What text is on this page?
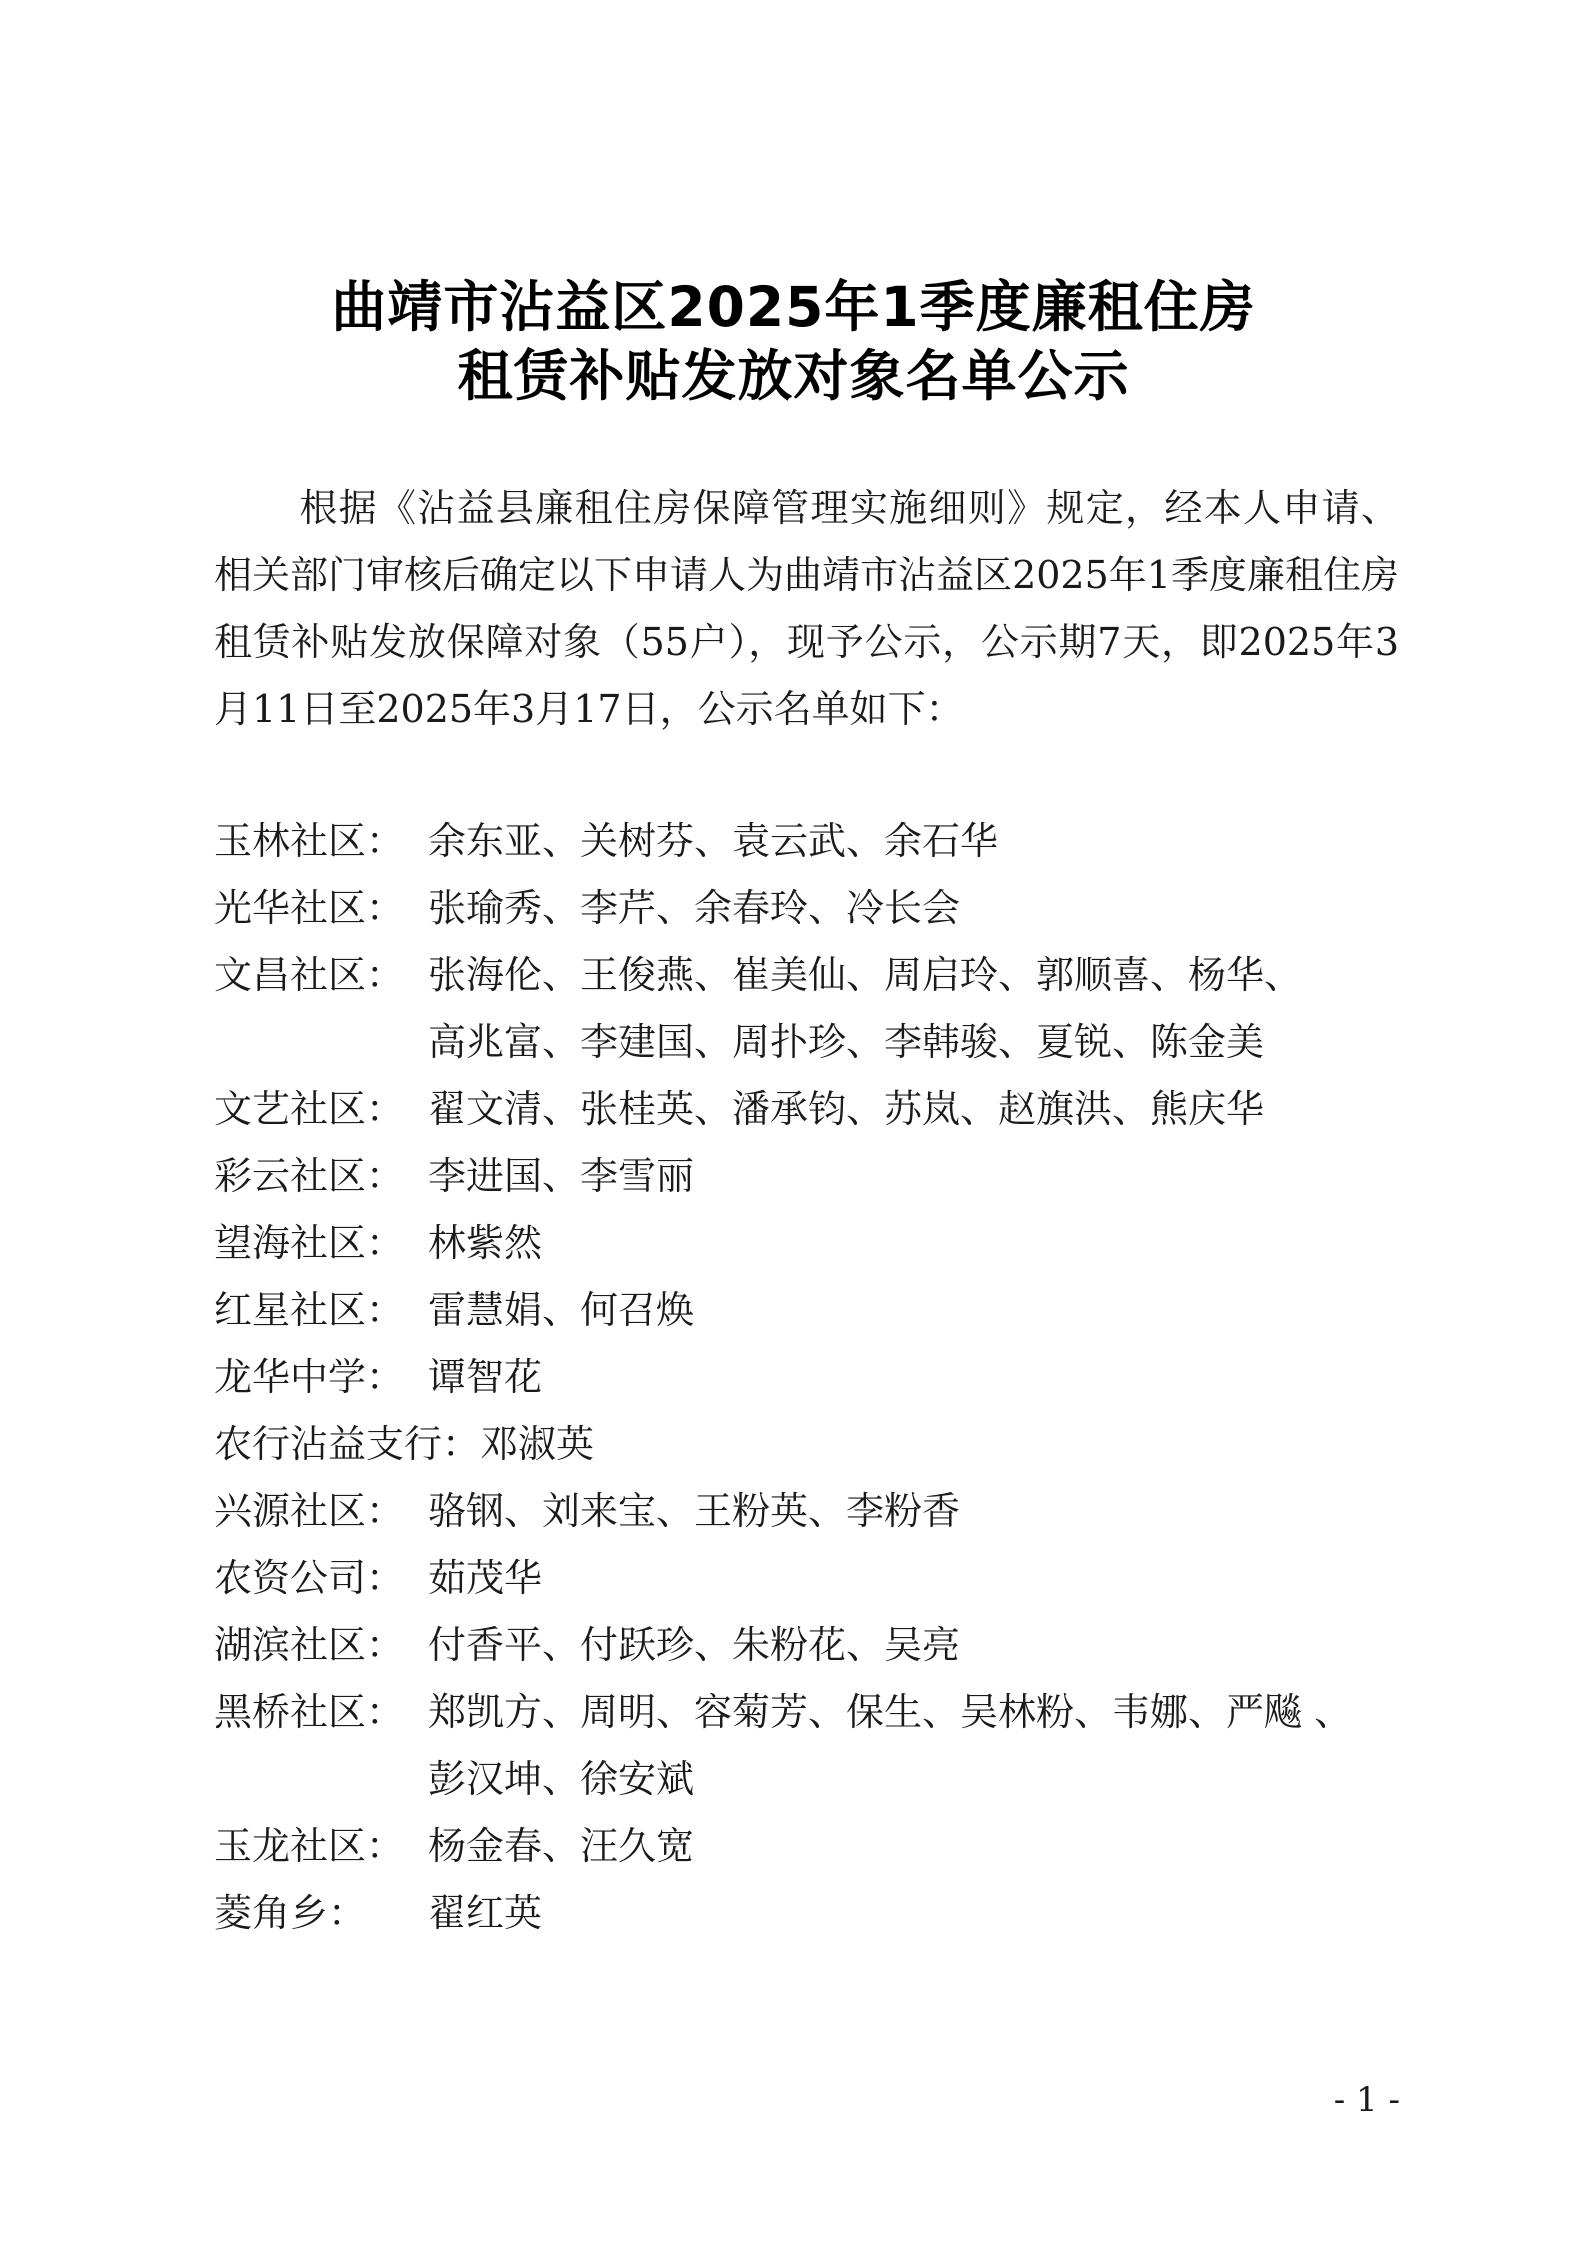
曲靖市沾益区2025年1季度廉租住房
租赁补贴发放对象名单公示
根据《沾益县廉租住房保障管理实施细则》规定，经本人申请、相关部门审核后确定以下申请人为曲靖市沾益区2025年1季度廉租住房租赁补贴发放保障对象（55户），现予公示，公示期7天，即2025年3月11日至2025年3月17日，公示名单如下：
玉林社区： 余东亚、关树芬、袁云武、余石华
光华社区： 张瑜秀、李芹、余春玲、冷长会
文昌社区： 张海伦、王俊燕、崔美仙、周启玲、郭顺喜、杨华、
高兆富、李建国、周扑珍、李韩骏、夏锐、陈金美
文艺社区： 翟文清、张桂英、潘承钧、苏岚、赵旗洪、熊庆华
彩云社区： 李进国、李雪丽
望海社区： 林紫然
红星社区： 雷慧娟、何召焕
龙华中学： 谭智花
农行沾益支行：邓淑英
兴源社区： 骆钢、刘来宝、王粉英、李粉香
农资公司： 茹茂华
湖滨社区： 付香平、付跃珍、朱粉花、吴亮
黑桥社区： 郑凯方、周明、容菊芳、保生、吴林粉、韦娜、严飚 、
彭汉坤、徐安斌
玉龙社区： 杨金春、汪久宽
菱角乡： 翟红英
- 1 -
